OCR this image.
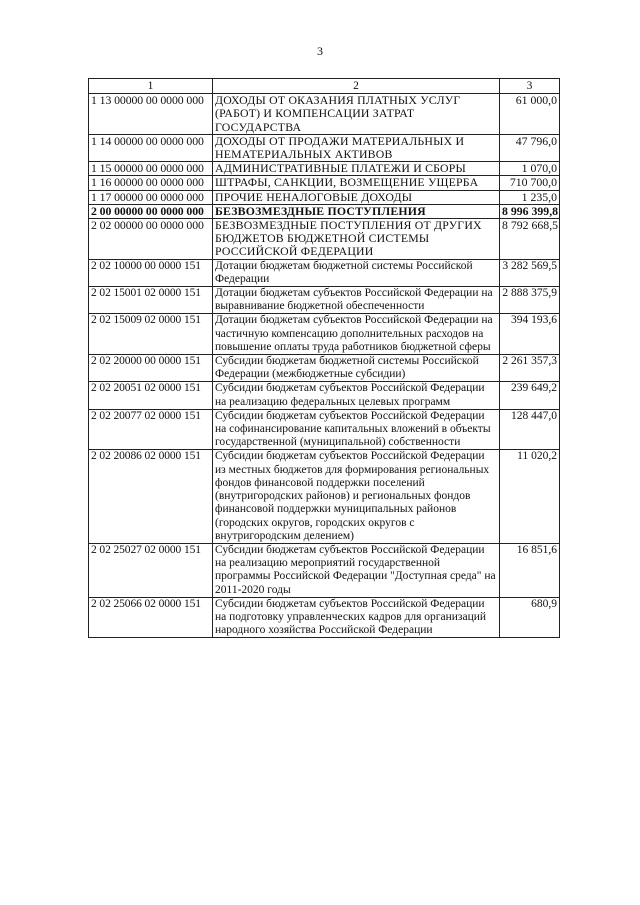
3
1	2	3
1 13 00000 00 0000 000	ДОХОДЫ ОТ ОКАЗАНИЯ ПЛАТНЫХ УСЛУГ (РАБОТ) И КОМПЕНСАЦИИ ЗАТРАТ ГОСУДАРСТВА	61 000,0
1 14 00000 00 0000 000	ДОХОДЫ ОТ ПРОДАЖИ МАТЕРИАЛЬНЫХ И НЕМАТЕРИАЛЬНЫХ АКТИВОВ	47 796,0
1 15 00000 00 0000 000	АДМИНИСТРАТИВНЫЕ ПЛАТЕЖИ И СБОРЫ	1 070,0
1 16 00000 00 0000 000	ШТРАФЫ, САНКЦИИ, ВОЗМЕЩЕНИЕ УЩЕРБА	710 700,0
1 17 00000 00 0000 000	ПРОЧИЕ НЕНАЛОГОВЫЕ ДОХОДЫ	1 235,0
2 00 00000 00 0000 000	БЕЗВОЗМЕЗДНЫЕ ПОСТУПЛЕНИЯ	8 996 399,8
2 02 00000 00 0000 000	БЕЗВОЗМЕЗДНЫЕ ПОСТУПЛЕНИЯ ОТ ДРУГИХ БЮДЖЕТОВ БЮДЖЕТНОЙ СИСТЕМЫ РОССИЙСКОЙ ФЕДЕРАЦИИ	8 792 668,5
2 02 10000 00 0000 151	Дотации бюджетам бюджетной системы Российской Федерации	3 282 569,5
2 02 15001 02 0000 151	Дотации бюджетам субъектов Российской Федерации на выравнивание бюджетной обеспеченности	2 888 375,9
2 02 15009 02 0000 151	Дотации бюджетам субъектов Российской Федерации на частичную компенсацию дополнительных расходов на повышение оплаты труда работников бюджетной сферы	394 193,6
2 02 20000 00 0000 151	Субсидии бюджетам бюджетной системы Российской Федерации (межбюджетные субсидии)	2 261 357,3
2 02 20051 02 0000 151	Субсидии бюджетам субъектов Российской Федерации на реализацию федеральных целевых программ	239 649,2
2 02 20077 02 0000 151	Субсидии бюджетам субъектов Российской Федерации на софинансирование капитальных вложений в объекты государственной (муниципальной) собственности	128 447,0
2 02 20086 02 0000 151	Субсидии бюджетам субъектов Российской Федерации из местных бюджетов для формирования региональных фондов финансовой поддержки поселений (внутригородских районов) и региональных фондов финансовой поддержки муниципальных районов (городских округов, городских округов с внутригородским делением)	11 020,2
2 02 25027 02 0000 151	Субсидии бюджетам субъектов Российской Федерации на реализацию мероприятий государственной программы Российской Федерации "Доступная среда" на 2011-2020 годы	16 851,6
2 02 25066 02 0000 151	Субсидии бюджетам субъектов Российской Федерации на подготовку управленческих кадров для организаций народного хозяйства Российской Федерации	680,9
